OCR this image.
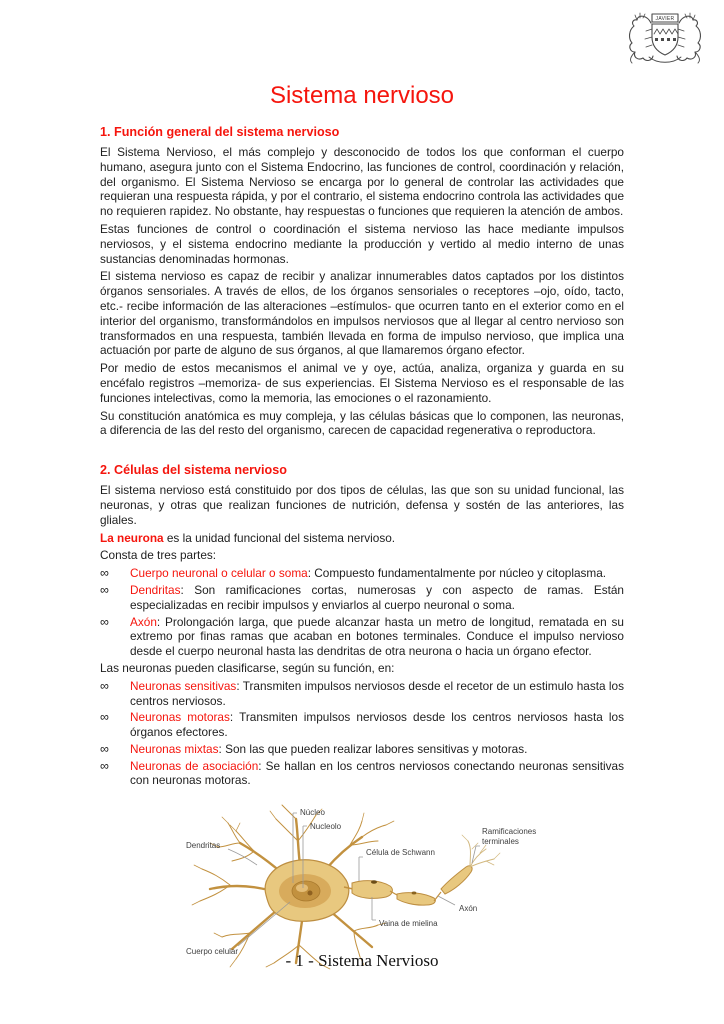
JAVIER
Sistema nervioso
1. Función general del sistema nervioso

El Sistema Nervioso, el más complejo y desconocido de todos los que conforman el cuerpo humano, asegura junto con el Sistema Endocrino, las funciones de control, coordinación y relación, del organismo. El Sistema Nervioso se encarga por lo general de controlar las actividades que requieran una respuesta rápida, y por el contrario, el sistema endocrino controla las actividades que no requieren rapidez. No obstante, hay respuestas o funciones que requieren la atención de ambos.

Estas funciones de control o coordinación el sistema nervioso las hace mediante impulsos nerviosos, y el sistema endocrino mediante la producción y vertido al medio interno de unas sustancias denominadas hormonas.

El sistema nervioso es capaz de recibir y analizar innumerables datos captados por los distintos órganos sensoriales. A través de ellos, de los órganos sensoriales o receptores –ojo, oído, tacto, etc.- recibe información de las alteraciones –estímulos- que ocurren tanto en el exterior como en el interior del organismo, transformándolos en impulsos nerviosos que al llegar al centro nervioso son transformados en una respuesta, también llevada en forma de impulso nervioso, que implica una actuación por parte de alguno de sus órganos, al que llamaremos órgano efector.

Por medio de estos mecanismos el animal ve y oye, actúa, analiza, organiza y guarda en su encéfalo registros –memoriza- de sus experiencias. El Sistema Nervioso es el responsable de las funciones intelectivas, como la memoria, las emociones o el razonamiento.

Su constitución anatómica es muy compleja, y las células básicas que lo componen, las neuronas, a diferencia de las del resto del organismo, carecen de capacidad regenerativa o reproductora.

2. Células del sistema nervioso

El sistema nervioso está constituido por dos tipos de células, las que son su unidad funcional, las neuronas, y otras que realizan funciones de nutrición, defensa y sostén de las anteriores, las gliales.

La neurona es la unidad funcional del sistema nervioso.

Consta de tres partes:

∞	Cuerpo neuronal o celular o soma: Compuesto fundamentalmente por núcleo y citoplasma.

∞	Dendritas: Son ramificaciones cortas, numerosas y con aspecto de ramas. Están especializadas en recibir impulsos y enviarlos al cuerpo neuronal o soma.

∞	Axón: Prolongación larga, que puede alcanzar hasta un metro de longitud, rematada en su extremo por finas ramas que acaban en botones terminales. Conduce el impulso nervioso desde el cuerpo neuronal hasta las dendritas de otra neurona o hacia un órgano efector.

Las neuronas pueden clasificarse, según su función, en:

∞	Neuronas sensitivas: Transmiten impulsos nerviosos desde el recetor de un estimulo hasta los centros nerviosos.

∞	Neuronas motoras: Transmiten impulsos nerviosos desde los centros nerviosos hasta los órganos efectores.

∞	Neuronas mixtas: Son las que pueden realizar labores sensitivas y motoras.

∞	Neuronas de asociación: Se hallan en los centros nerviosos conectando neuronas sensitivas con neuronas motoras.

Núcleo
Nucleolo
Dendritas
Célula de Schwann
Ramificaciones
terminales
Axón
Vaina de mielina
Cuerpo celular	- 1 - Sistema Nervioso
